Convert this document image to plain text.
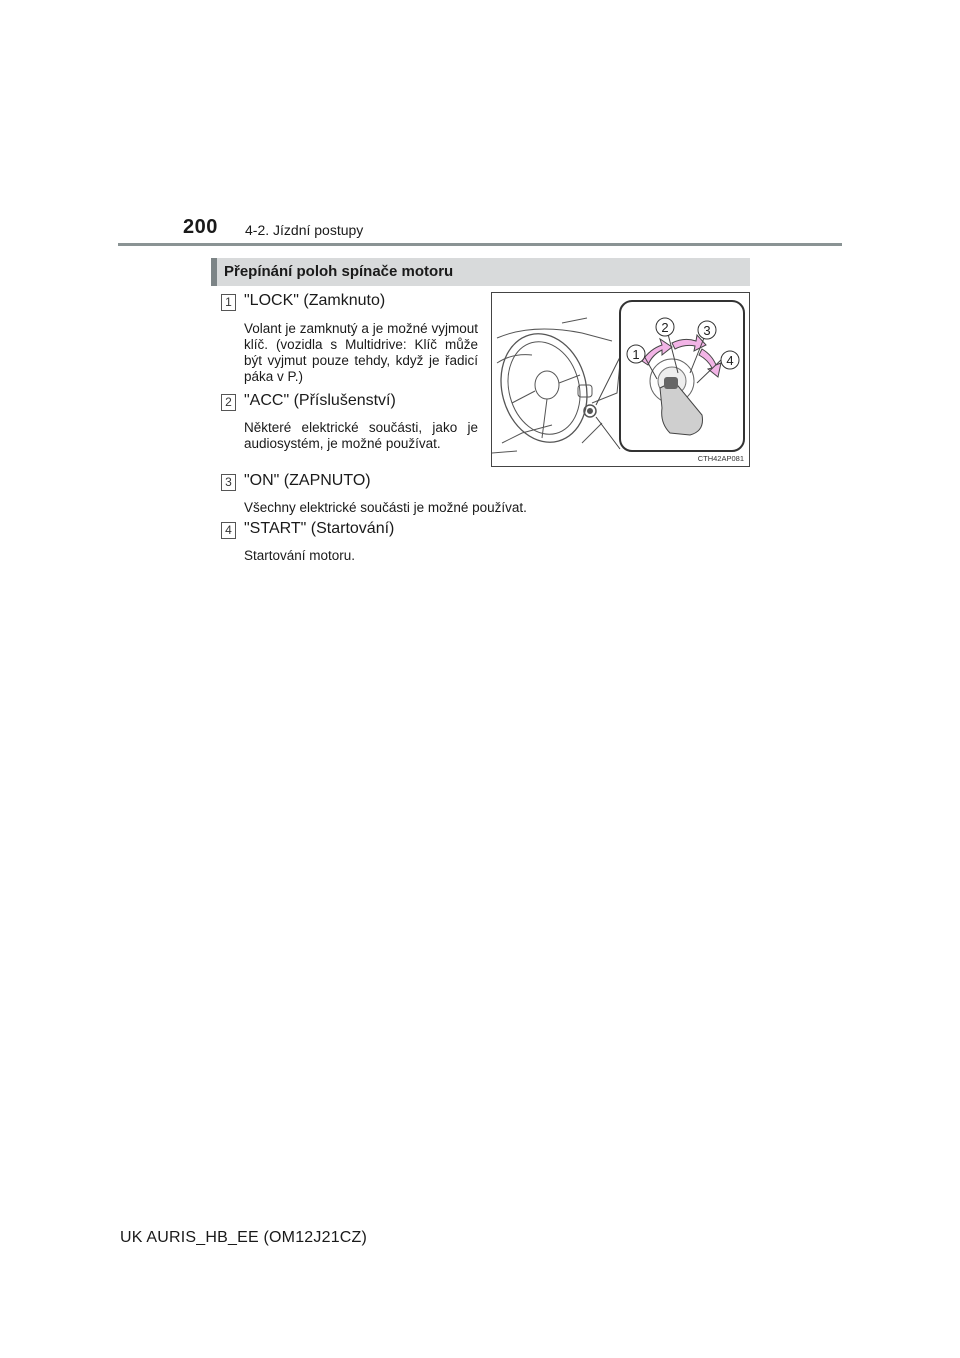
200 4-2. Jízdní postupy
Přepínání poloh spínače motoru
1 "LOCK" (Zamknuto)
Volant je zamknutý a je možné vyjmout klíč. (vozidla s Multidrive: Klíč může být vyjmut pouze tehdy, když je řadicí páka v P.)
2 "ACC" (Příslušenství)
Některé elektrické součásti, jako je audiosystém, je možné používat.
3 "ON" (ZAPNUTO)
Všechny elektrické součásti je možné používat.
4 "START" (Startování)
Startování motoru.
1
2	3
4
CTH42AP081
UK AURIS_HB_EE (OM12J21CZ)
